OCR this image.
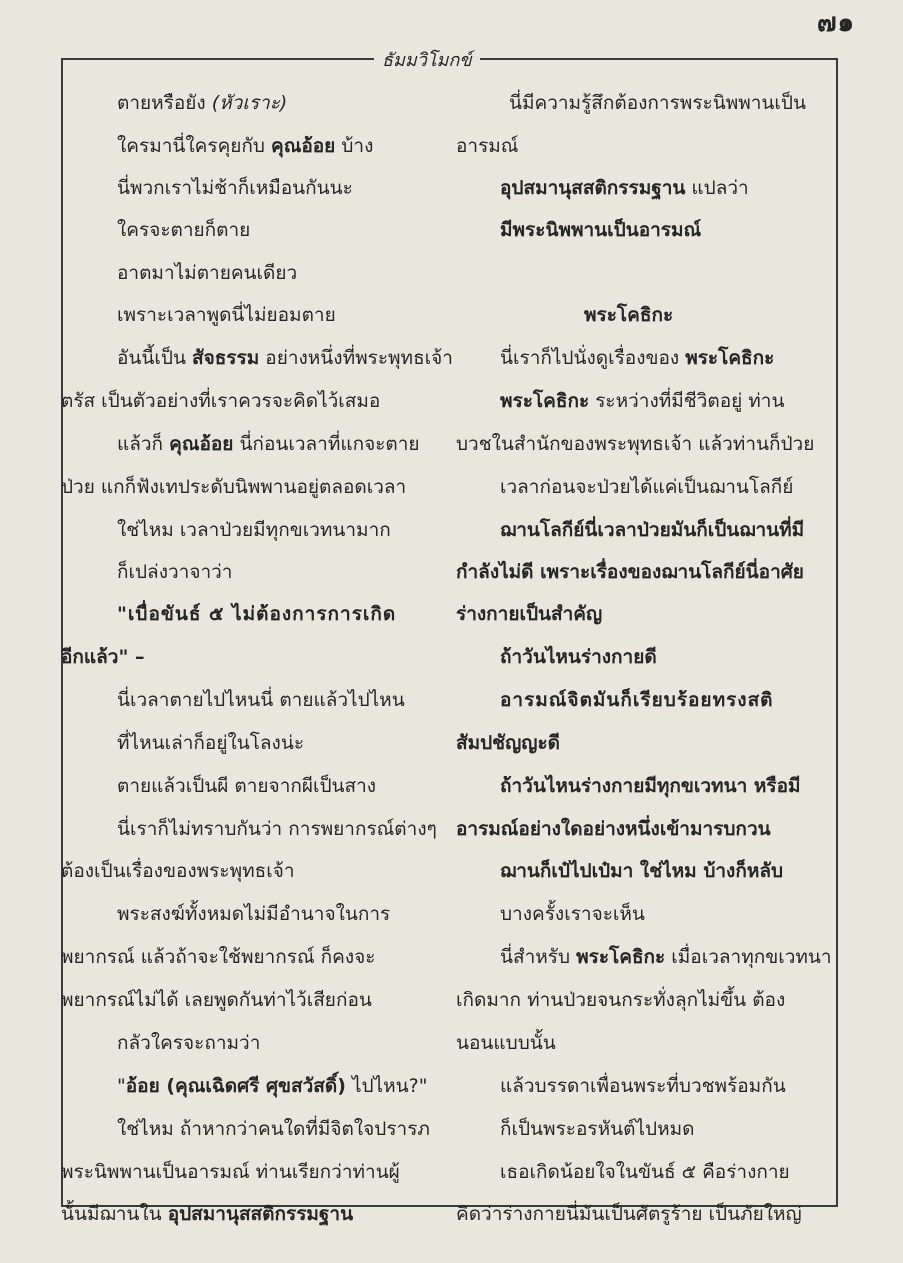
๗๑
ธัมมวิโมกข์
ตายหรือยัง (หัวเราะ)
ใครมานี่ใครคุยกับ คุณอ้อย บ้าง
นี่พวกเราไม่ช้าก็เหมือนกันนะ
ใครจะตายก็ตาย
อาตมาไม่ตายคนเดียว
เพราะเวลาพูดนี่ไม่ยอมตาย
อันนี้เป็น สัจธรรม อย่างหนึ่งที่พระพุทธเจ้า
ตรัส เป็นตัวอย่างที่เราควรจะคิดไว้เสมอ
แล้วก็ คุณอ้อย นี่ก่อนเวลาที่แกจะตาย
ป่วย แกก็ฟังเทประดับนิพพานอยู่ตลอดเวลา
ใช่ไหม เวลาป่วยมีทุกขเวทนามาก
ก็เปล่งวาจาว่า
"เบื่อขันธ์ ๕ ไม่ต้องการการเกิด
อีกแล้ว" –
นี่เวลาตายไปไหนนี่ ตายแล้วไปไหน
ที่ไหนเล่าก็อยู่ในโลงน่ะ
ตายแล้วเป็นผี ตายจากผีเป็นสาง
นี่เราก็ไม่ทราบกันว่า การพยากรณ์ต่างๆ
ต้องเป็นเรื่องของพระพุทธเจ้า
พระสงฆ์ทั้งหมดไม่มีอำนาจในการ
พยากรณ์ แล้วถ้าจะใช้พยากรณ์ ก็คงจะ
พยากรณ์ไม่ได้ เลยพูดกันท่าไว้เสียก่อน
กลัวใครจะถามว่า
"อ้อย (คุณเฉิดศรี ศุขสวัสดิ์) ไปไหน?"
ใช่ไหม ถ้าหากว่าคนใดที่มีจิตใจปรารภ
พระนิพพานเป็นอารมณ์ ท่านเรียกว่าท่านผู้
นั้นมีฌานใน อุปสมานุสสติกรรมฐาน
นี่มีความรู้สึกต้องการพระนิพพานเป็น
อารมณ์
อุปสมานุสสติกรรมฐาน แปลว่า
มีพระนิพพานเป็นอารมณ์
พระโคธิกะ
นี่เราก็ไปนั่งดูเรื่องของ พระโคธิกะ
พระโคธิกะ ระหว่างที่มีชีวิตอยู่ ท่าน
บวชในสำนักของพระพุทธเจ้า แล้วท่านก็ป่วย
เวลาก่อนจะป่วยได้แค่เป็นฌานโลกีย์
ฌานโลกีย์นี่เวลาป่วยมันก็เป็นฌานที่มี
กำลังไม่ดี เพราะเรื่องของฌานโลกีย์นี่อาศัย
ร่างกายเป็นสำคัญ
ถ้าวันไหนร่างกายดี
อารมณ์จิตมันก็เรียบร้อยทรงสติ
สัมปชัญญะดี
ถ้าวันไหนร่างกายมีทุกขเวทนา หรือมี
อารมณ์อย่างใดอย่างหนึ่งเข้ามารบกวน
ฌานก็เป๋ไปเป๋มา ใช่ไหม บ้างก็หลับ
บางครั้งเราจะเห็น
นี่สำหรับ พระโคธิกะ เมื่อเวลาทุกขเวทนา
เกิดมาก ท่านป่วยจนกระทั่งลุกไม่ขึ้น ต้อง
นอนแบบนั้น
แล้วบรรดาเพื่อนพระที่บวชพร้อมกัน
ก็เป็นพระอรหันต์ไปหมด
เธอเกิดน้อยใจในขันธ์ ๕ คือร่างกาย
คิดว่าร่างกายนี่มันเป็นศัตรูร้าย เป็นภัยใหญ่
